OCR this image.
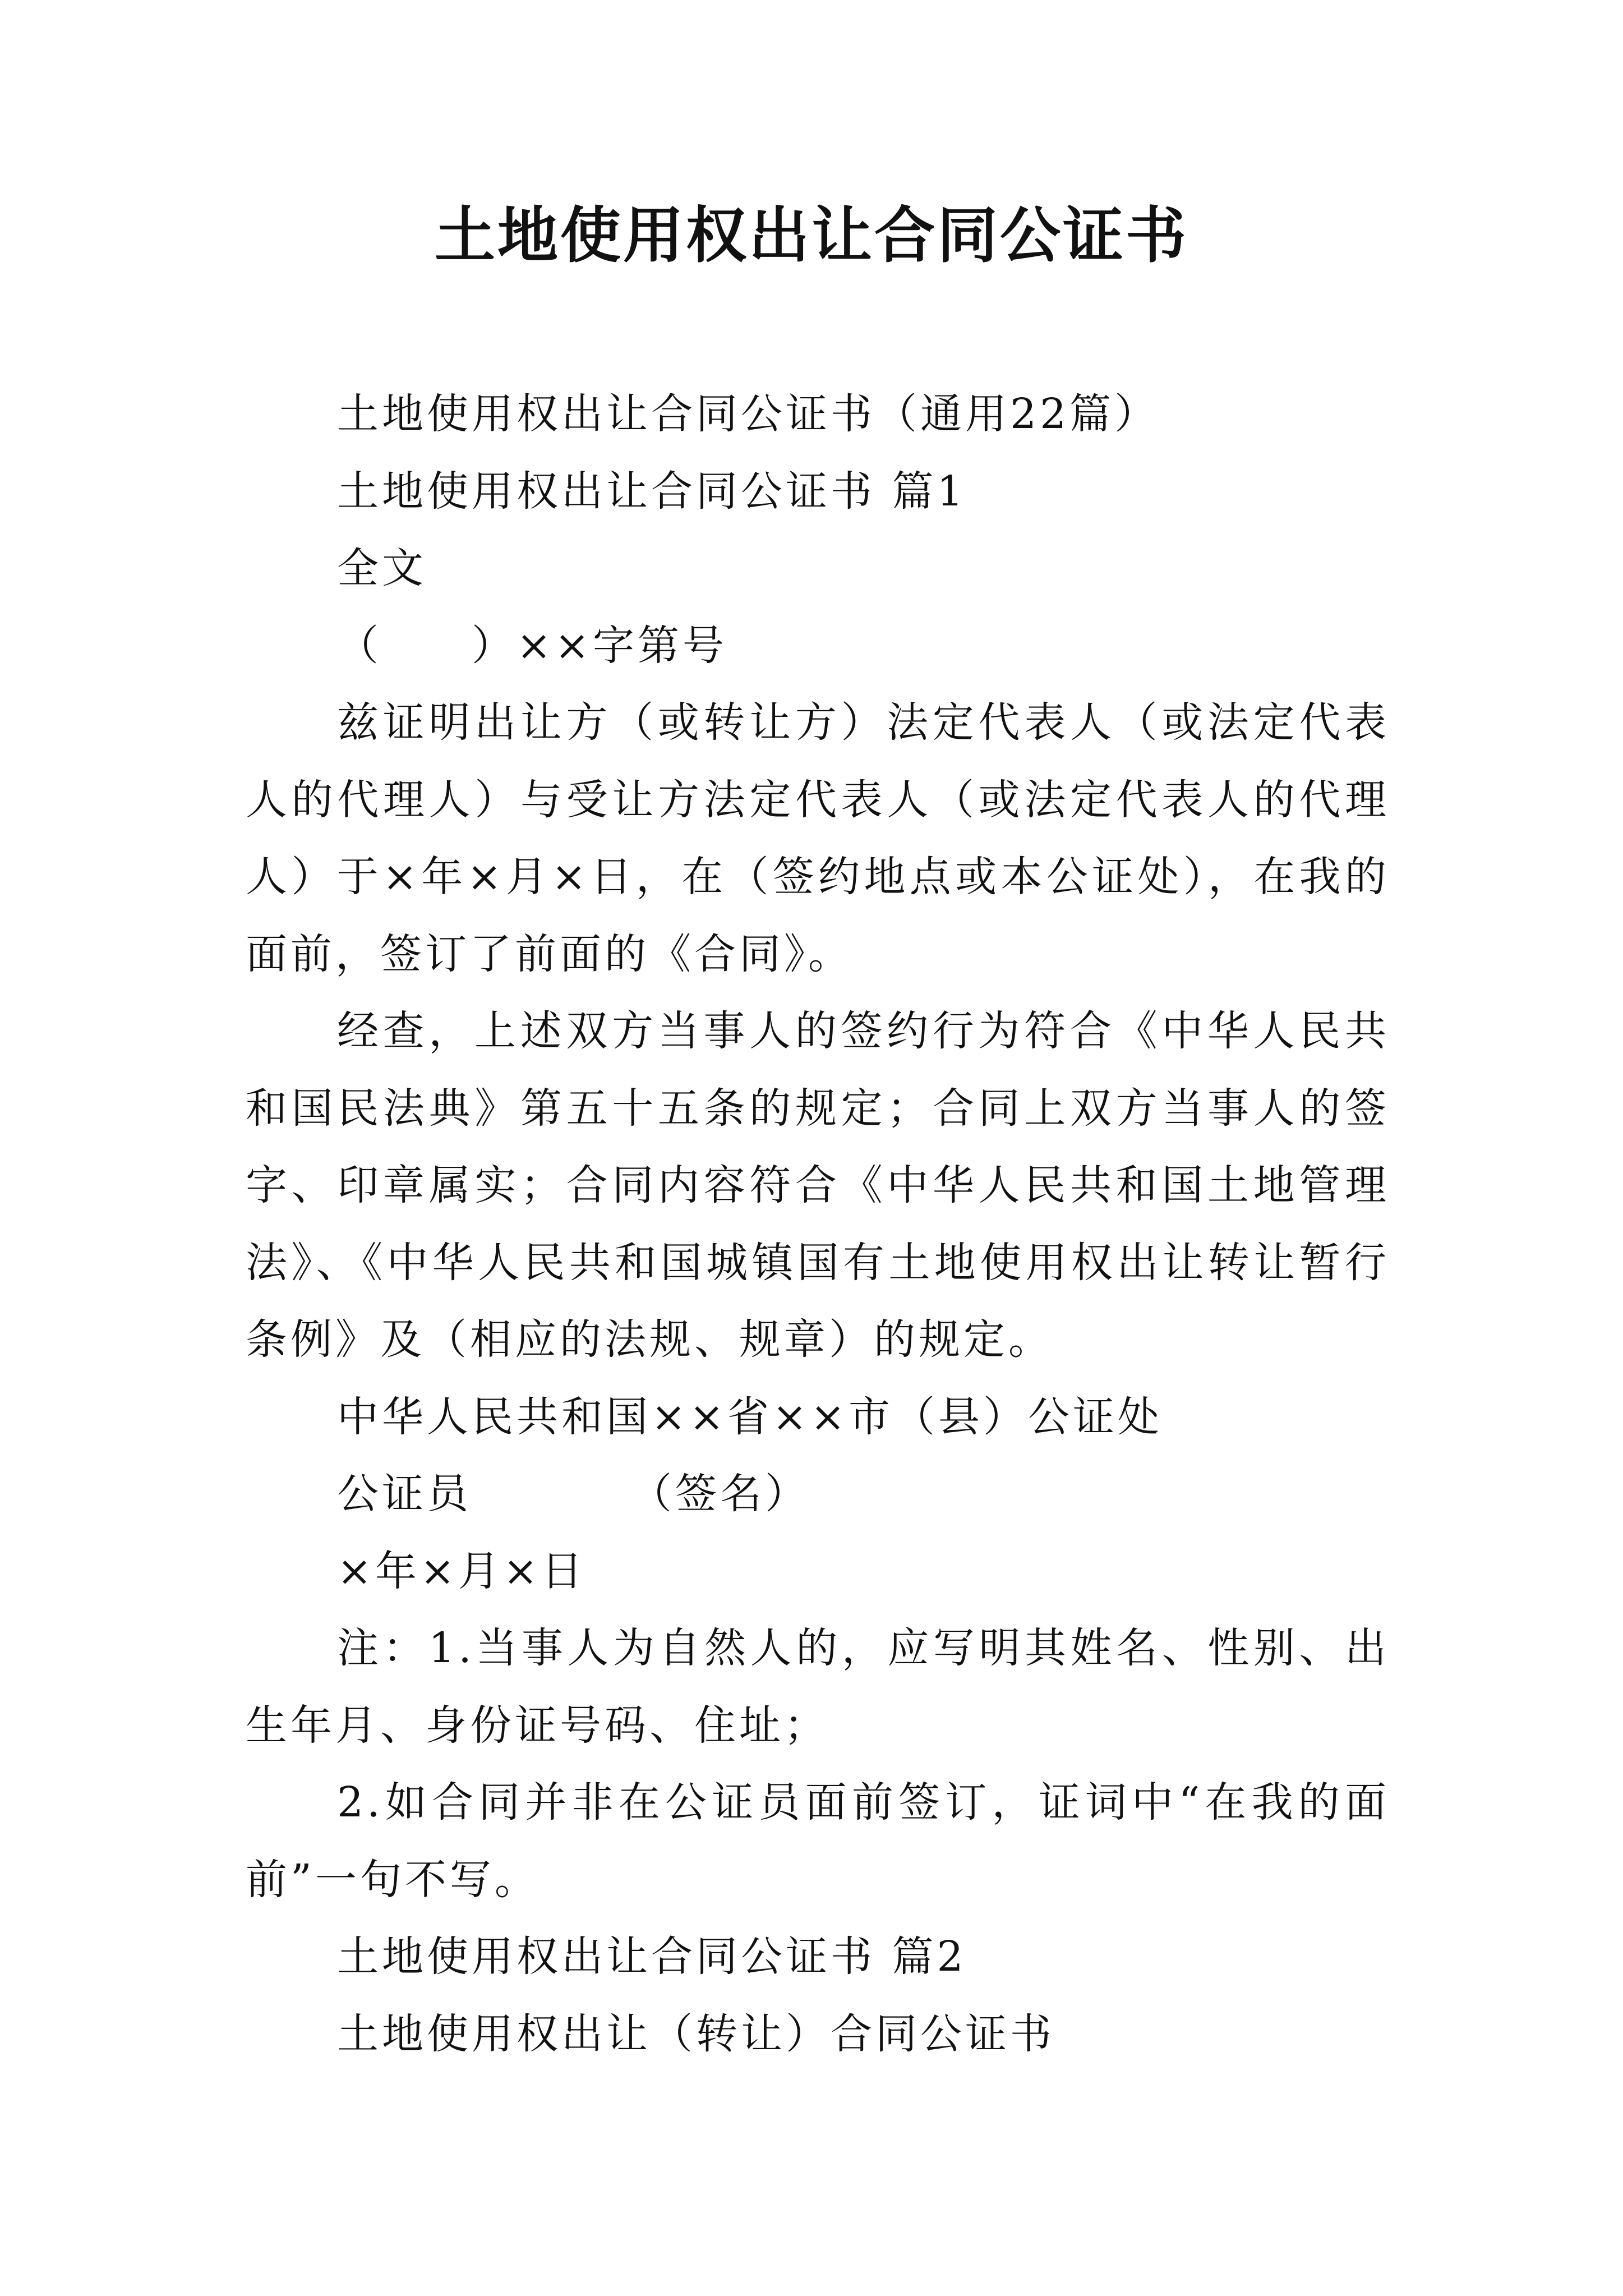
土地使用权出让合同公证书

土地使用权出让合同公证书（通用22篇）

土地使用权出让合同公证书 篇1

全文

（　　）××字第号

兹证明出让方（或转让方）法定代表人（或法定代表人的代理人）与受让方法定代表人（或法定代表人的代理人）于×年×月×日，在（签约地点或本公证处），在我的面前，签订了前面的《合同》。

经查，上述双方当事人的签约行为符合《中华人民共和国民法典》第五十五条的规定；合同上双方当事人的签字、印章属实；合同内容符合《中华人民共和国土地管理法》、《中华人民共和国城镇国有土地使用权出让转让暂行条例》及（相应的法规、规章）的规定。

中华人民共和国××省××市（县）公证处

公证员　　　　（签名）

×年×月×日

注：1.当事人为自然人的，应写明其姓名、性别、出生年月、身份证号码、住址；

2.如合同并非在公证员面前签订，证词中“在我的面前”一句不写。

土地使用权出让合同公证书 篇2

土地使用权出让（转让）合同公证书
